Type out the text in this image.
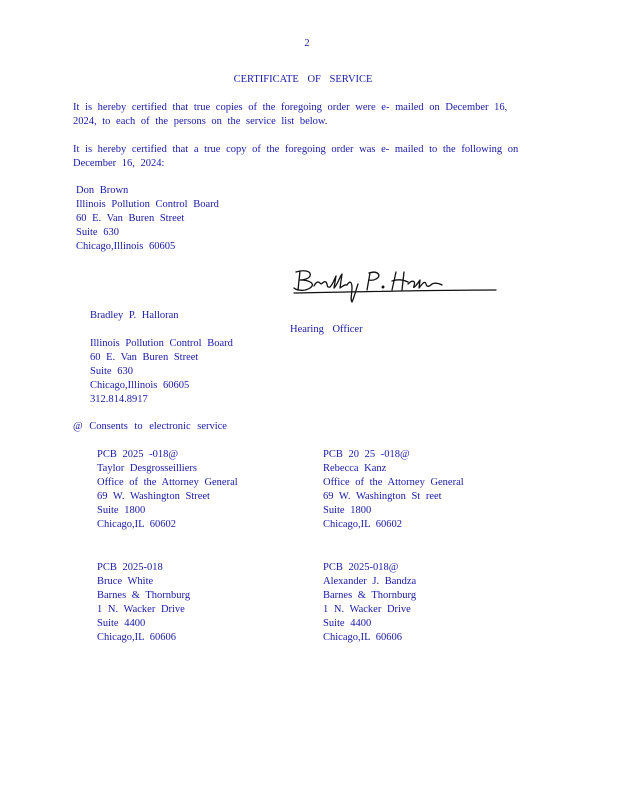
2
CERTIFICATE OF SERVICE
It is hereby certified that true copies of the foregoing order were e- mailed on December 16, 2024, to each of the persons on the service list below.
It is hereby certified that a true copy of the foregoing order was e- mailed to the following on December 16, 2024:
Don Brown
Illinois Pollution Control Board
60 E. Van Buren Street
Suite 630
Chicago,Illinois 60605
Bradley P. Halloran

Illinois Pollution Control Board
60 E. Van Buren Street
Suite 630
Chicago,Illinois 60605
312.814.8917
Hearing Officer
@ Consents to electronic service
PCB 2025 -018@
Taylor Desgrosseilliers
Office of the Attorney General
69 W. Washington Street
Suite 1800
Chicago,IL 60602
PCB 20 25 -018@
Rebecca Kanz
Office of the Attorney General
69 W. Washington St reet
Suite 1800
Chicago,IL 60602
PCB 2025-018
Bruce White
Barnes & Thornburg
1 N. Wacker Drive
Suite 4400
Chicago,IL 60606
PCB 2025-018@
Alexander J. Bandza
Barnes & Thornburg
1 N. Wacker Drive
Suite 4400
Chicago,IL 60606
